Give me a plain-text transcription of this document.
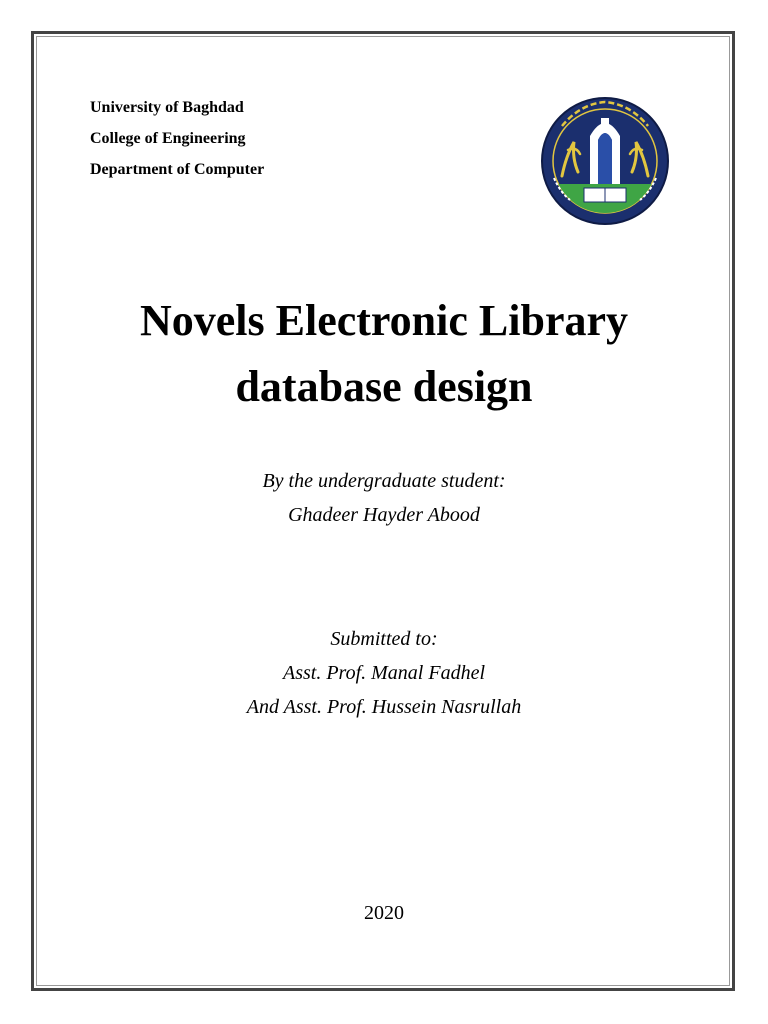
University of Baghdad
College of Engineering
Department of Computer
Novels Electronic Library
database design
By the undergraduate student:
Ghadeer Hayder Abood
Submitted to:
Asst. Prof. Manal Fadhel
And Asst. Prof. Hussein Nasrullah
2020
